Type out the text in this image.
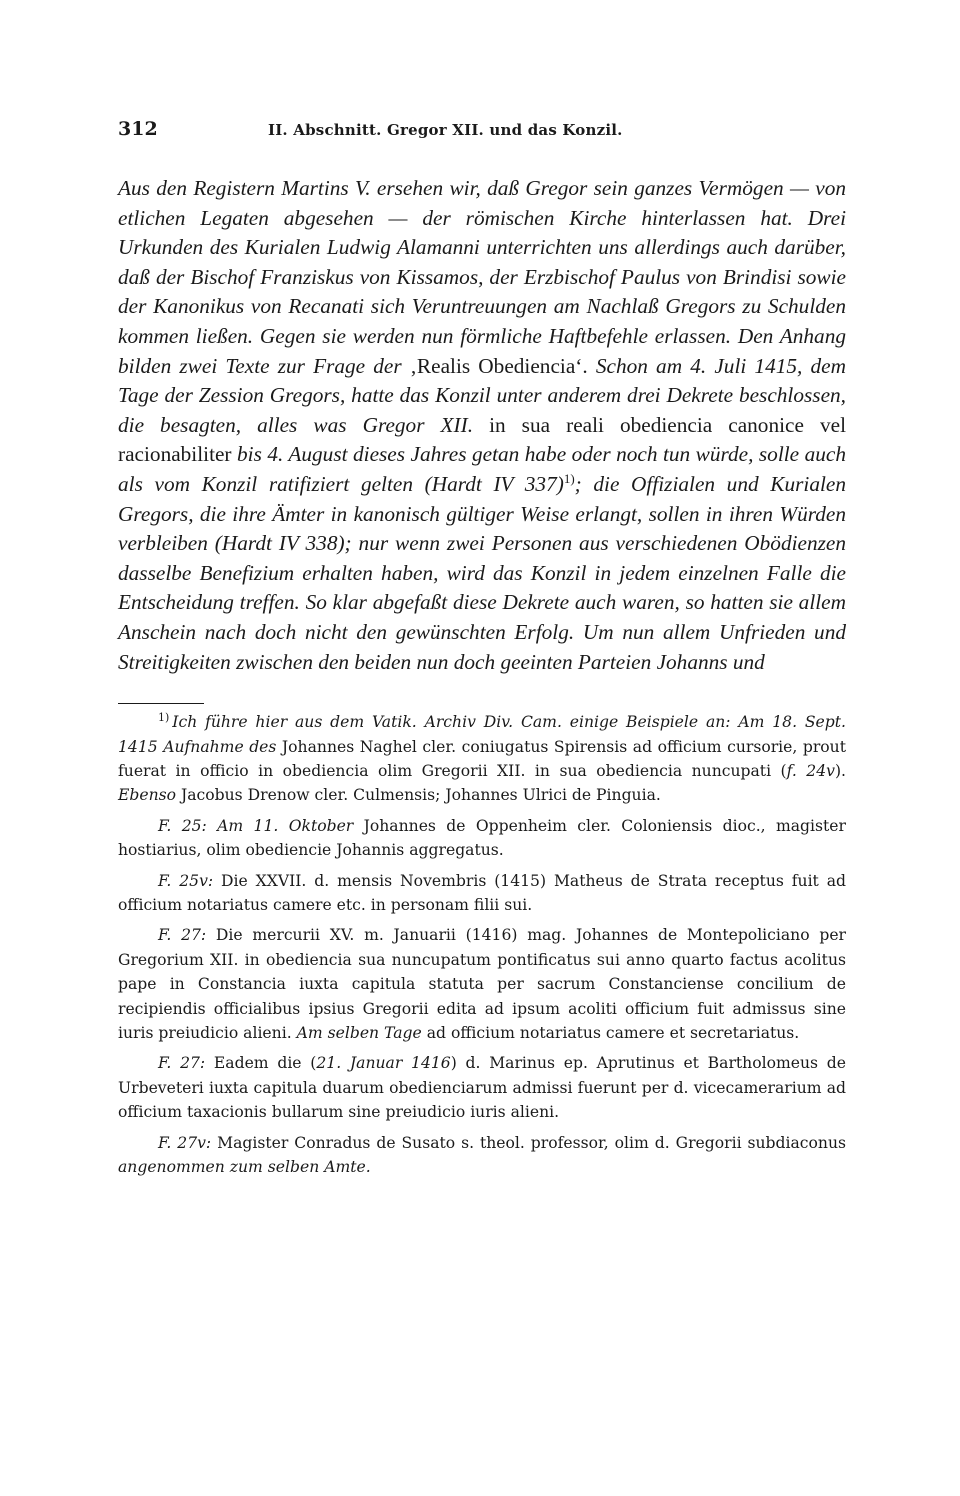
312	II. Abschnitt. Gregor XII. und das Konzil.
Aus den Registern Martins V. ersehen wir, daß Gregor sein ganzes Vermögen — von etlichen Legaten abgesehen — der römischen Kirche hinterlassen hat. Drei Urkunden des Kurialen Ludwig Alamanni unterrichten uns allerdings auch darüber, daß der Bischof Franziskus von Kissamos, der Erzbischof Paulus von Brindisi sowie der Kanonikus von Recanati sich Veruntreuungen am Nachlaß Gregors zu Schulden kommen ließen. Gegen sie werden nun förmliche Haftbefehle erlassen. Den Anhang bilden zwei Texte zur Frage der ‚Realis Obediencia‘. Schon am 4. Juli 1415, dem Tage der Zession Gregors, hatte das Konzil unter anderem drei Dekrete beschlossen, die besagten, alles was Gregor XII. in sua reali obediencia canonice vel racionabiliter bis 4. August dieses Jahres getan habe oder noch tun würde, solle auch als vom Konzil ratifiziert gelten (Hardt IV 337)$^{1)}$; die Offizialen und Kurialen Gregors, die ihre Ämter in kanonisch gültiger Weise erlangt, sollen in ihren Würden verbleiben (Hardt IV 338); nur wenn zwei Personen aus verschiedenen Obödienzen dasselbe Benefizium erhalten haben, wird das Konzil in jedem einzelnen Falle die Entscheidung treffen. So klar abgefaßt diese Dekrete auch waren, so hatten sie allem Anschein nach doch nicht den gewünschten Erfolg. Um nun allem Unfrieden und Streitigkeiten zwischen den beiden nun doch geeinten Parteien Johanns und

$^{1)}$ Ich führe hier aus dem Vatik. Archiv Div. Cam. einige Beispiele an: Am 18. Sept. 1415 Aufnahme des Johannes Naghel cler. coniugatus Spirensis ad officium cursorie, prout fuerat in officio in obediencia olim Gregorii XII. in sua obediencia nuncupati (f. 24v). Ebenso Jacobus Drenow cler. Culmensis; Johannes Ulrici de Pinguia.

F. 25: Am 11. Oktober Johannes de Oppenheim cler. Coloniensis dioc., magister hostiarius, olim obediencie Johannis aggregatus.

F. 25v: Die XXVII. d. mensis Novembris (1415) Matheus de Strata receptus fuit ad officium notariatus camere etc. in personam filii sui.

F. 27: Die mercurii XV. m. Januarii (1416) mag. Johannes de Montepoliciano per Gregorium XII. in obediencia sua nuncupatum pontificatus sui anno quarto factus acolitus pape in Constancia iuxta capitula statuta per sacrum Constanciense concilium de recipiendis officialibus ipsius Gregorii edita ad ipsum acoliti officium fuit admissus sine iuris preiudicio alieni. Am selben Tage ad officium notariatus camere et secretariatus.

F. 27: Eadem die (21. Januar 1416) d. Marinus ep. Aprutinus et Bartholomeus de Urbeveteri iuxta capitula duarum obedienciarum admissi fuerunt per d. vicecamerarium ad officium taxacionis bullarum sine preiudicio iuris alieni.

F. 27v: Magister Conradus de Susato s. theol. professor, olim d. Gregorii subdiaconus angenommen zum selben Amte.
